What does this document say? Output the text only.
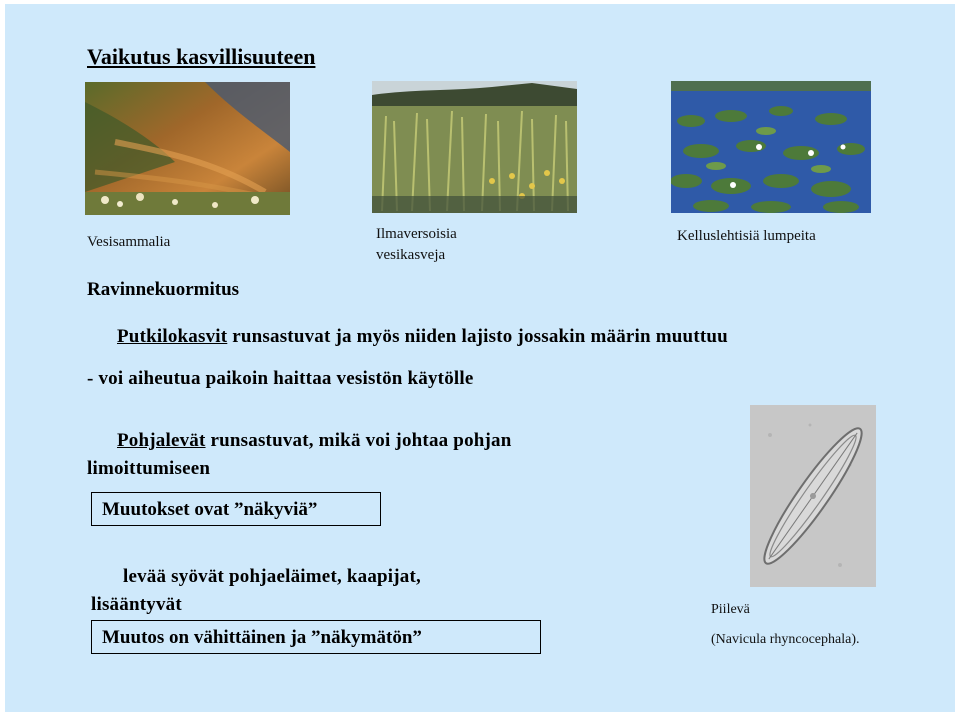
Vaikutus kasvillisuuteen
Vesisammalia	Ilmaversoisia
vesikasveja
Kelluslehtisiä lumpeita
Ravinnekuormitus
Putkilokasvit runsastuvat ja myös niiden lajisto jossakin määrin muuttuu
- voi aiheutua paikoin haittaa vesistön käytölle
Pohjalevät runsastuvat, mikä voi johtaa pohjan
limoittumiseen
Muutokset ovat ”näkyviä”
levää syövät pohjaeläimet, kaapijat,
lisääntyvät
Muutos on vähittäinen ja ”näkymätön”
Piilevä
(Navicula rhyncocephala).
